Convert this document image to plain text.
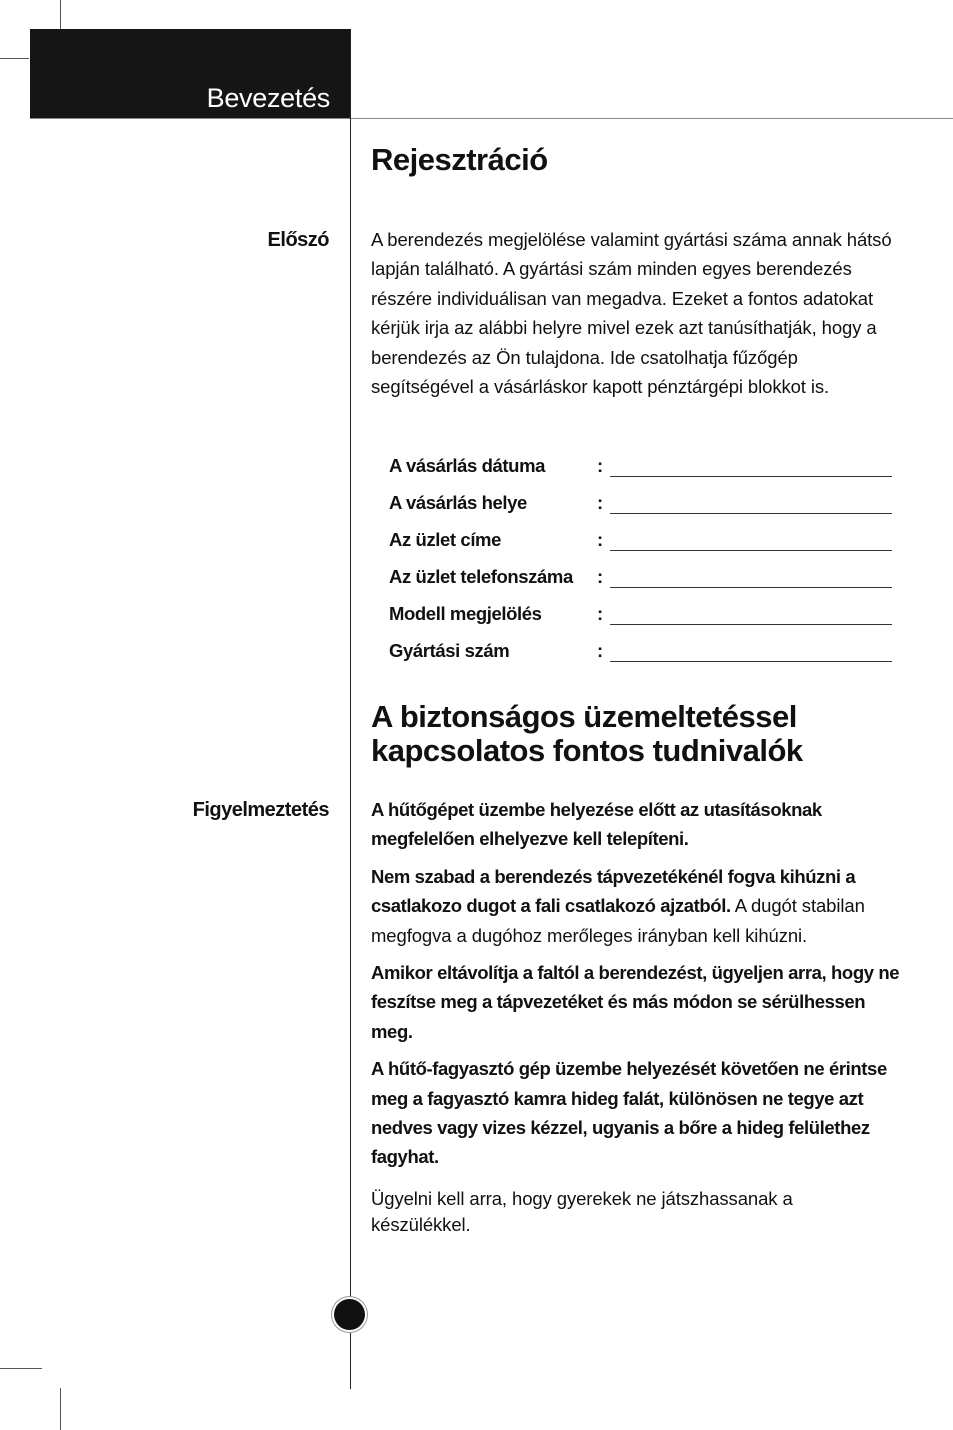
Bevezetés
Rejesztráció
Előszó A berendezés megjelölése valamint gyártási száma annak hátsó lapján található. A gyártási szám minden egyes berendezés részére individuálisan van megadva. Ezeket a fontos adatokat kérjük irja az alábbi helyre mivel ezek azt tanúsíthatják, hogy a berendezés az Ön tulajdona. Ide csatolhatja fűzőgép segítségével a vásárláskor kapott pénztárgépi blokkot is.

A vásárlás dátuma	:
A vásárlás helye	:
Az üzlet címe	:
Az üzlet telefonszáma :
Modell megjelölés	:
Gyártási szám	:
A biztonságos üzemeltetéssel
kapcsolatos fontos tudnivalók
Figyelmeztetés A hűtőgépet üzembe helyezése előtt az utasításoknak megfelelően elhelyezve kell telepíteni.

Nem szabad a berendezés tápvezetékénél fogva kihúzni a csatlakozo dugot a fali csatlakozó ajzatból. A dugót stabilan megfogva a dugóhoz merőleges irányban kell kihúzni.

Amikor eltávolítja a faltól a berendezést, ügyeljen arra, hogy ne feszítse meg a tápvezetéket és más módon se sérülhessen meg.

A hűtő-fagyasztó gép üzembe helyezését követően ne érintse meg a fagyasztó kamra hideg falát, különösen ne tegye azt nedves vagy vizes kézzel, ugyanis a bőre a hideg felülethez fagyhat.

Ügyelni kell arra, hogy gyerekek ne játszhassanak a készülékkel.
